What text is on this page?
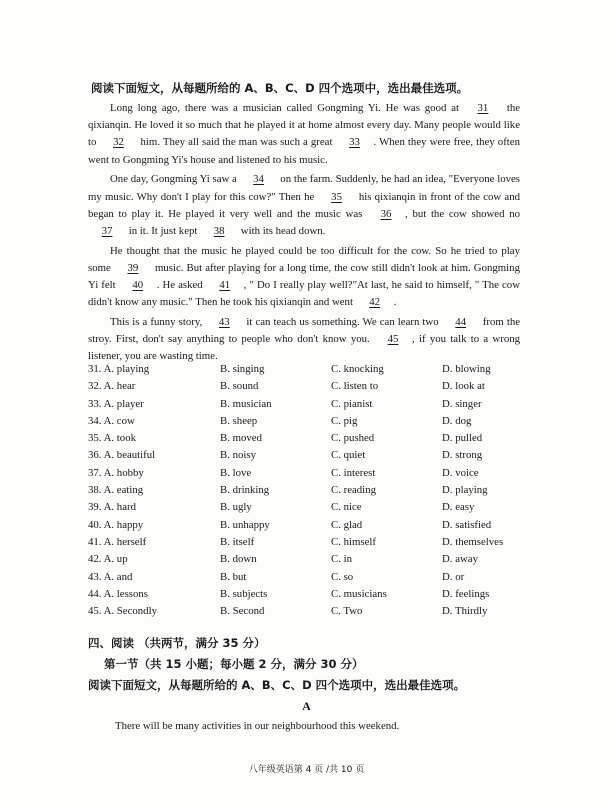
阅读下面短文，从每题所给的 A、B、C、D 四个选项中，选出最佳选项。

Long long ago, there was a musician called Gongming Yi. He was good at 31 the qixianqin. He loved it so much that he played it at home almost every day. Many people would like to 32 him. They all said the man was such a great 33 . When they were free, they often went to Gongming Yi's house and listened to his music.

One day, Gongming Yi saw a 34 on the farm. Suddenly, he had an idea, "Everyone loves my music. Why don't I play for this cow?" Then he 35 his qixianqin in front of the cow and began to play it. He played it very well and the music was 36 , but the cow showed no 37 in it. It just kept 38 with its head down.

He thought that the music he played could be too difficult for the cow. So he tried to play some 39 music. But after playing for a long time, the cow still didn't look at him. Gongming Yi felt 40 . He asked 41 , " Do I really play well?"At last, he said to himself, " The cow didn't know any music." Then he took his qixianqin and went 42 .

This is a funny story, 43 it can teach us something. We can learn two 44 from the stroy. First, don't say anything to people who don't know you. 45 , if you talk to a wrong listener, you are wasting time.

31. A. playing	B. singing	C. knocking	D. blowing
32. A. hear	B. sound	C. listen to	D. look at
33. A. player	B. musician	C. pianist	D. singer
34. A. cow	B. sheep	C. pig	D. dog
35. A. took	B. moved	C. pushed	D. pulled
36. A. beautiful	B. noisy	C. quiet	D. strong
37. A. hobby	B. love	C. interest	D. voice
38. A. eating	B. drinking	C. reading	D. playing
39. A. hard	B. ugly	C. nice	D. easy
40. A. happy	B. unhappy	C. glad	D. satisfied
41. A. herself	B. itself	C. himself	D. themselves
42. A. up	B. down	C. in	D. away
43. A. and	B. but	C. so	D. or
44. A. lessons	B. subjects	C. musicians	D. feelings
45. A. Secondly	B. Second	C. Two	D. Thirdly
四、阅读 （共两节，满分 35 分）
第一节（共 15 小题；每小题 2 分，满分 30 分）
阅读下面短文，从每题所给的 A、B、C、D 四个选项中，选出最佳选项。
A
There will be many activities in our neighbourhood this weekend.
八年级英语第 4 页 /共 10 页
